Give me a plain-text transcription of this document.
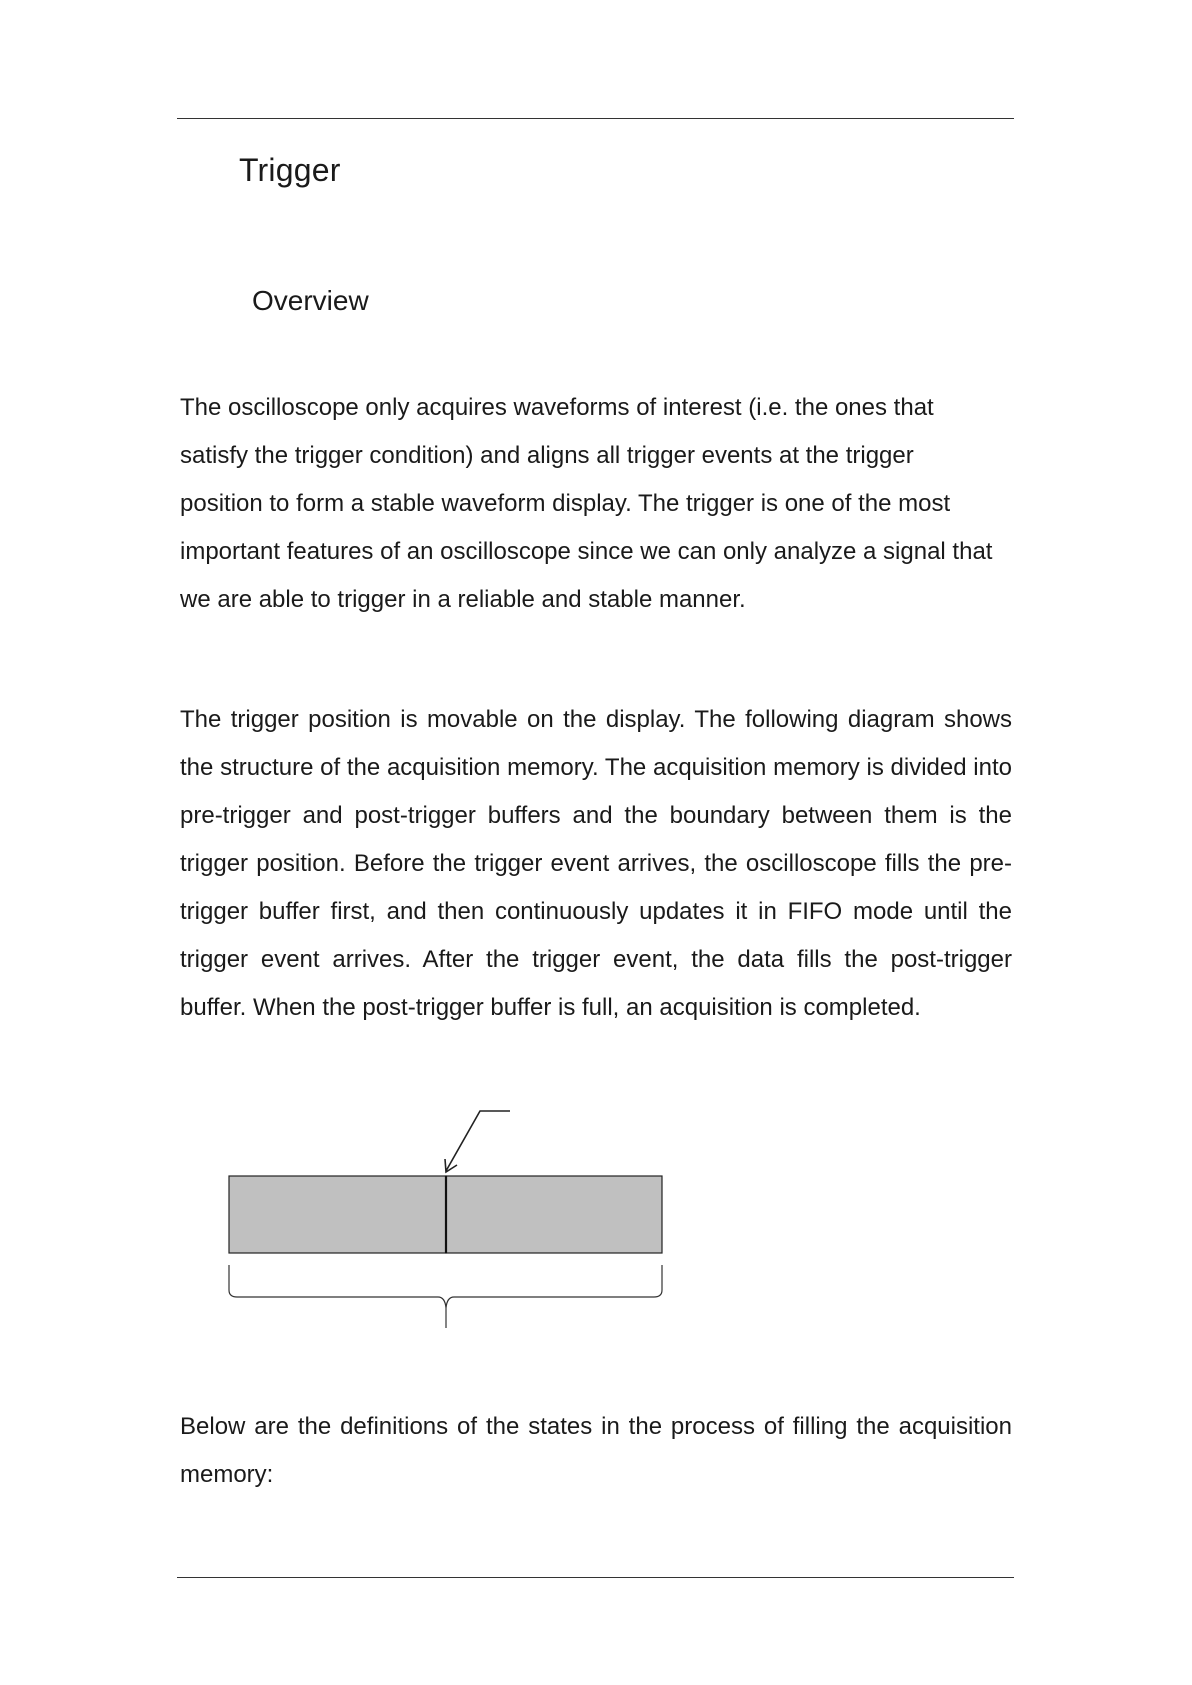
Trigger
Overview

The oscilloscope only acquires waveforms of interest (i.e. the ones that satisfy the trigger condition) and aligns all trigger events at the trigger position to form a stable waveform display. The trigger is one of the most important features of an oscilloscope since we can only analyze a signal that we are able to trigger in a reliable and stable manner.

The trigger position is movable on the display. The following diagram shows the structure of the acquisition memory. The acquisition memory is divided into pre-trigger and post-trigger buffers and the boundary between them is the trigger position. Before the trigger event arrives, the oscilloscope fills the pre-trigger buffer first, and then continuously updates it in FIFO mode until the trigger event arrives. After the trigger event, the data fills the post-trigger buffer. When the post-trigger buffer is full, an acquisition is completed.

Below are the definitions of the states in the process of filling the acquisition memory:
